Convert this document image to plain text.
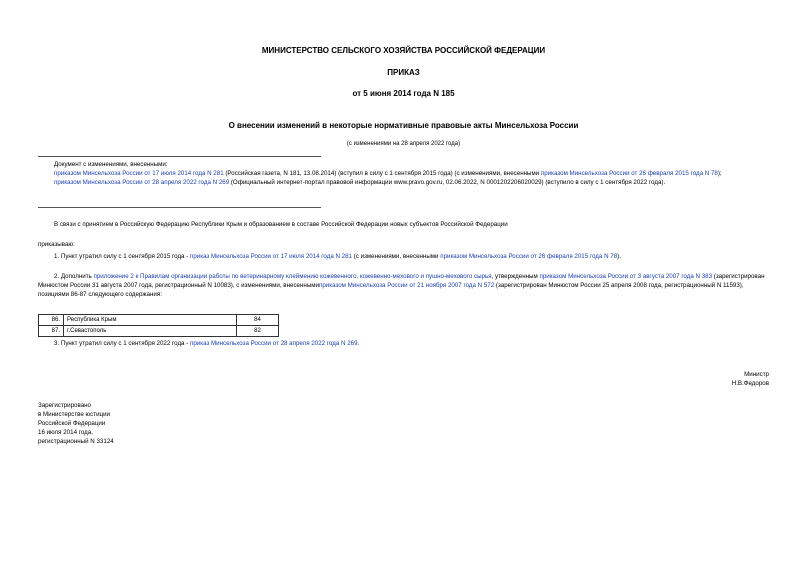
МИНИСТЕРСТВО СЕЛЬСКОГО ХОЗЯЙСТВА РОССИЙСКОЙ ФЕДЕРАЦИИ
ПРИКАЗ
от 5 июня 2014 года N 185
О внесении изменений в некоторые нормативные правовые акты Минсельхоза России
(с изменениями на 28 апреля 2022 года)
Документ с изменениями, внесенными:
приказом Минсельхоза России от 17 июля 2014 года N 281 (Российская газета, N 181, 13.08.2014) (вступил в силу с 1 сентября 2015 года) (с изменениями, внесенными приказом Минсельхоза России от 26 февраля 2015 года N 78);
приказом Минсельхоза России от 28 апреля 2022 года N 269 (Официальный интернет-портал правовой информации www.pravo.gov.ru, 02.06.2022, N 0001202206020029) (вступило в силу с 1 сентября 2022 года).
В связи с принятием в Российскую Федерацию Республики Крым и образованием в составе Российской Федерации новых субъектов Российской Федерации
приказываю:
1. Пункт утратил силу с 1 сентября 2015 года - приказ Минсельхоза России от 17 июля 2014 года N 281 (с изменениями, внесенными приказом Минсельхоза России от 26 февраля 2015 года N 78).
2. Дополнить приложение 2 к Правилам организации работы по ветеринарному клеймению кожевенного, кожевенно-мехового и пушно-мехового сырья, утвержденным приказом Минсельхоза России от 3 августа 2007 года N 383 (зарегистрирован Минюстом России 31 августа 2007 года, регистрационный N 10083), с изменениями, внесеннымиприказом Минсельхоза России от 21 ноября 2007 года N 572 (зарегистрирован Минюстом России 25 апреля 2008 года, регистрационный N 11593), позициями 86-87 следующего содержания:
86.	Республика Крым	84
87.	г.Севастополь	82
3. Пункт утратил силу с 1 сентября 2022 года - приказ Минсельхоза России от 28 апреля 2022 года N 269.
Министр
Н.В.Федоров
Зарегистрировано
в Министерстве юстиции
Российской Федерации
16 июля 2014 года,
регистрационный N 33124
